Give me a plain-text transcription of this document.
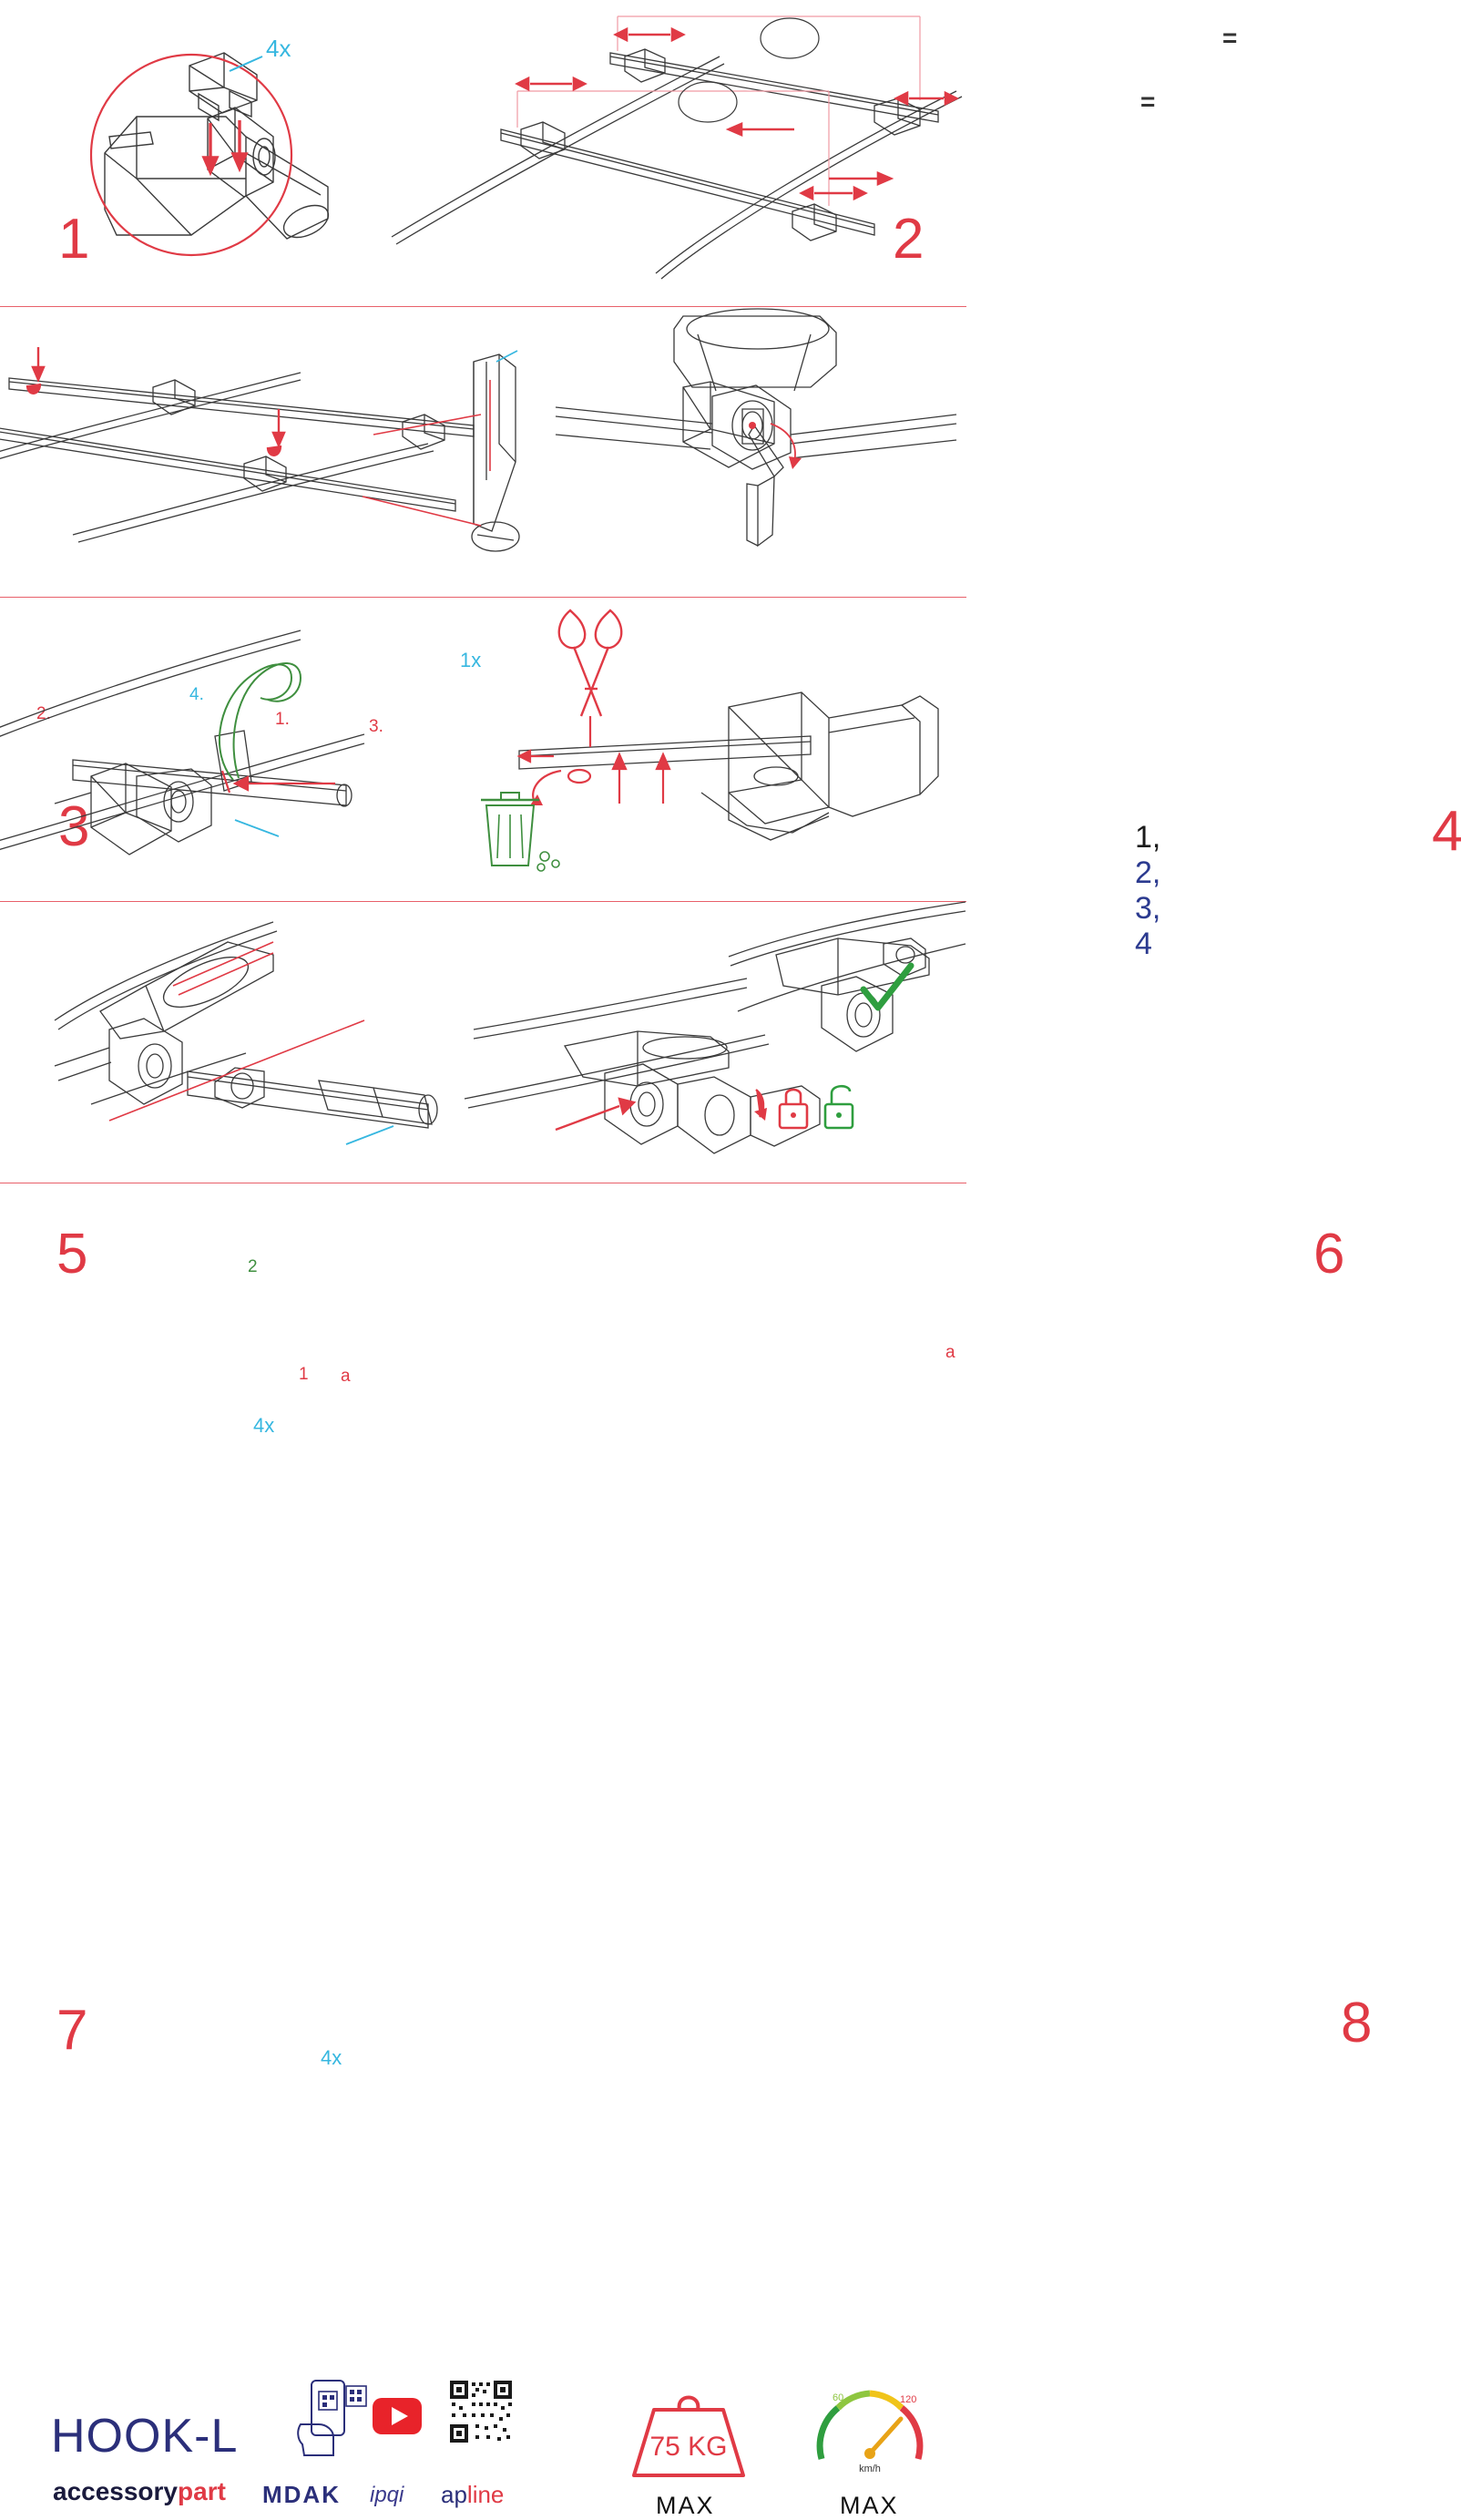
4x
1
=
=
2
2.
4.
1.	3.
1x
3	1, 2, 3, 4
4
5	2
1 a
4x
a
6
4x
7	8
HOOK-L
accessorypart MDAK ipqi apline
75 KG
MAX
60	120
km/h
MAX
